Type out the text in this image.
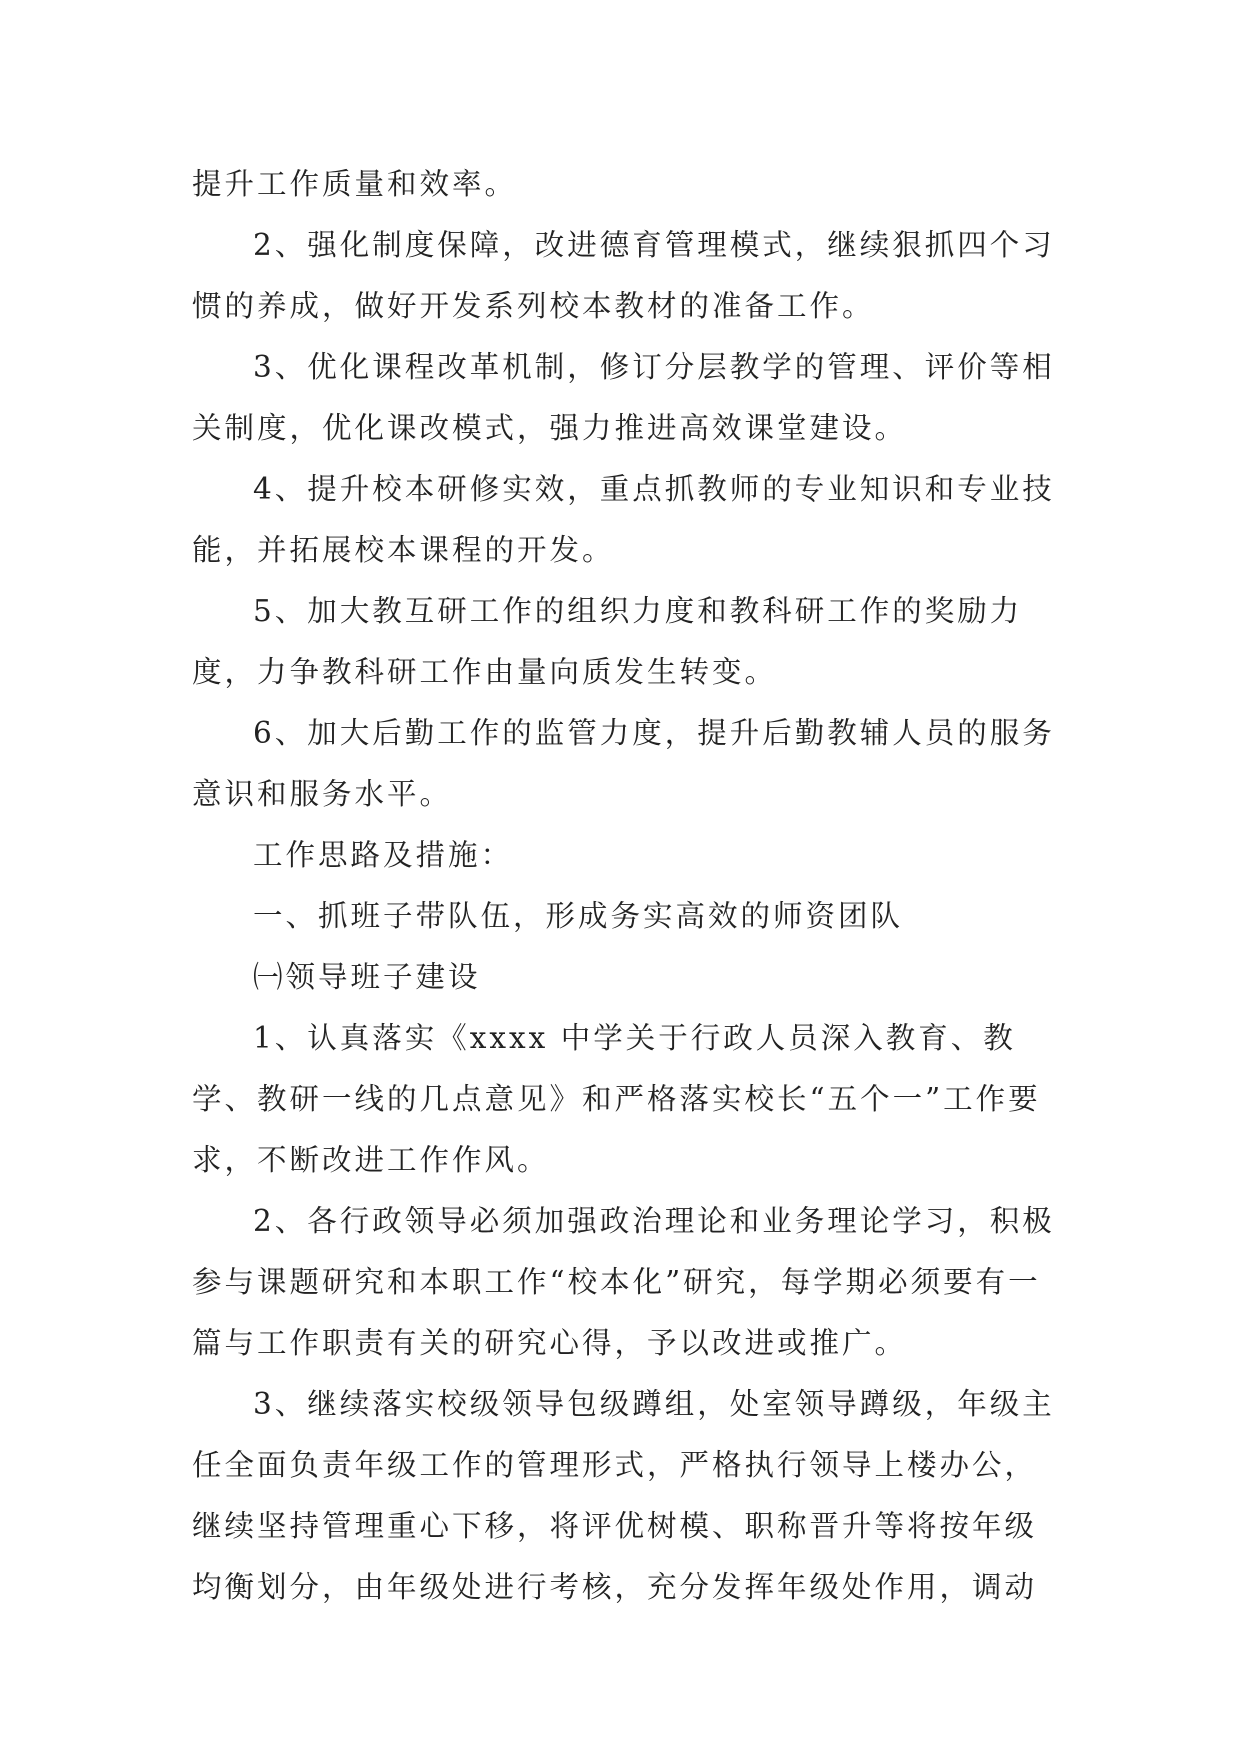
提升工作质量和效率。

2、强化制度保障，改进德育管理模式，继续狠抓四个习惯的养成，做好开发系列校本教材的准备工作。

3、优化课程改革机制，修订分层教学的管理、评价等相关制度，优化课改模式，强力推进高效课堂建设。

4、提升校本研修实效，重点抓教师的专业知识和专业技能，并拓展校本课程的开发。

5、加大教互研工作的组织力度和教科研工作的奖励力度，力争教科研工作由量向质发生转变。

6、加大后勤工作的监管力度，提升后勤教辅人员的服务意识和服务水平。

工作思路及措施：

一、抓班子带队伍，形成务实高效的师资团队

㈠领导班子建设

1、认真落实《xxxx 中学关于行政人员深入教育、教学、教研一线的几点意见》和严格落实校长“五个一”工作要求，不断改进工作作风。

2、各行政领导必须加强政治理论和业务理论学习，积极参与课题研究和本职工作“校本化”研究，每学期必须要有一篇与工作职责有关的研究心得，予以改进或推广。

3、继续落实校级领导包级蹲组，处室领导蹲级，年级主任全面负责年级工作的管理形式，严格执行领导上楼办公，继续坚持管理重心下移，将评优树模、职称晋升等将按年级均衡划分，由年级处进行考核，充分发挥年级处作用，调动
